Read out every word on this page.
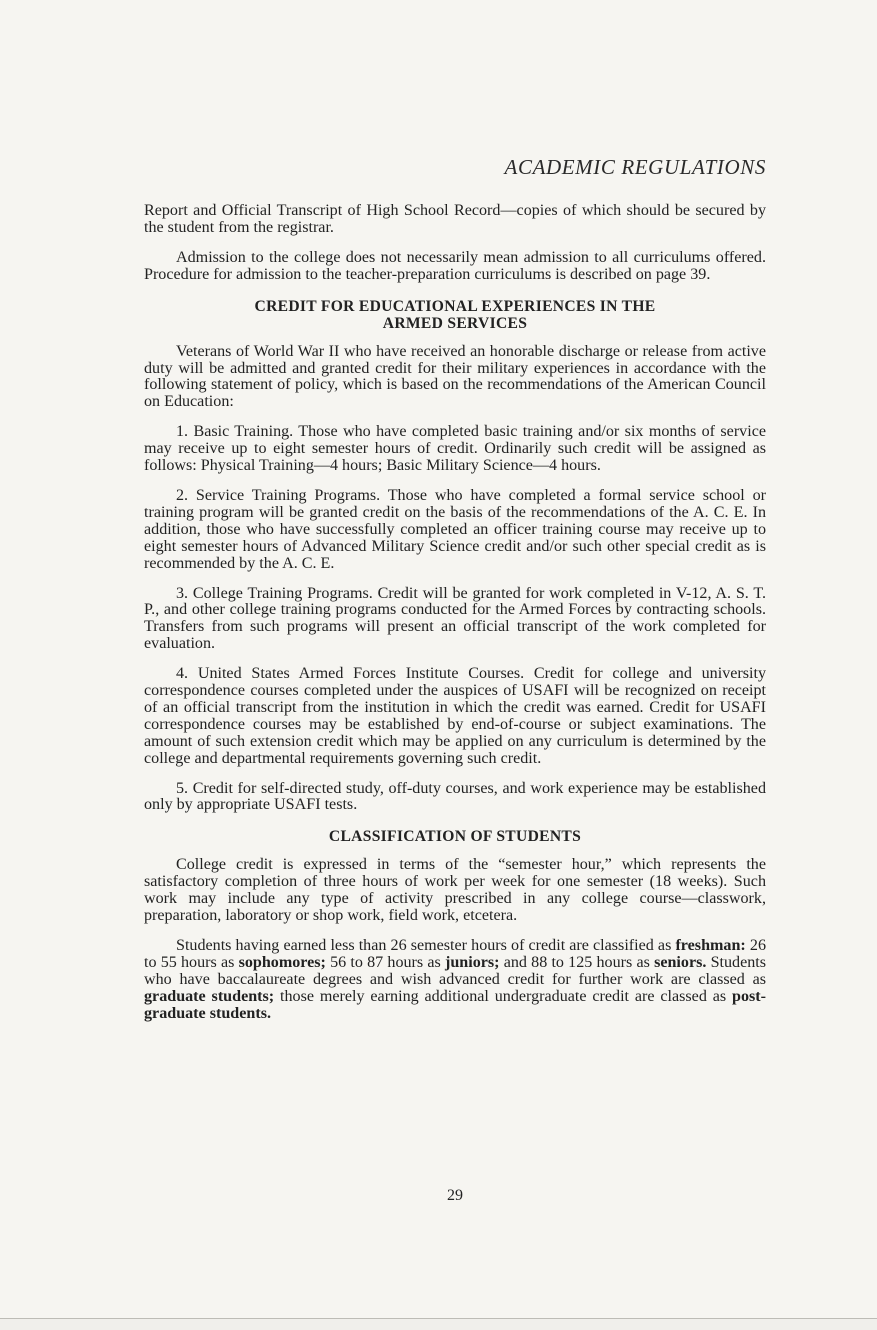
ACADEMIC REGULATIONS

Report and Official Transcript of High School Record—copies of which should be secured by the student from the registrar.

Admission to the college does not necessarily mean admission to all curriculums offered. Procedure for admission to the teacher-preparation curriculums is described on page 39.

CREDIT FOR EDUCATIONAL EXPERIENCES IN THE
ARMED SERVICES

Veterans of World War II who have received an honorable discharge or release from active duty will be admitted and granted credit for their military experiences in accordance with the following statement of policy, which is based on the recommendations of the American Council on Education:

1. Basic Training. Those who have completed basic training and/or six months of service may receive up to eight semester hours of credit. Ordinarily such credit will be assigned as follows: Physical Training—4 hours; Basic Military Science—4 hours.

2. Service Training Programs. Those who have completed a formal service school or training program will be granted credit on the basis of the recommendations of the A. C. E. In addition, those who have successfully completed an officer training course may receive up to eight semester hours of Advanced Military Science credit and/or such other special credit as is recommended by the A. C. E.

3. College Training Programs. Credit will be granted for work completed in V-12, A. S. T. P., and other college training programs conducted for the Armed Forces by contracting schools. Transfers from such programs will present an official transcript of the work completed for evaluation.

4. United States Armed Forces Institute Courses. Credit for college and university correspondence courses completed under the auspices of USAFI will be recognized on receipt of an official transcript from the institution in which the credit was earned. Credit for USAFI correspondence courses may be established by end-of-course or subject examinations. The amount of such extension credit which may be applied on any curriculum is determined by the college and departmental requirements governing such credit.

5. Credit for self-directed study, off-duty courses, and work experience may be established only by appropriate USAFI tests.

CLASSIFICATION OF STUDENTS

College credit is expressed in terms of the “semester hour,” which represents the satisfactory completion of three hours of work per week for one semester (18 weeks). Such work may include any type of activity prescribed in any college course—classwork, preparation, laboratory or shop work, field work, etcetera.

Students having earned less than 26 semester hours of credit are classified as freshman: 26 to 55 hours as sophomores; 56 to 87 hours as juniors; and 88 to 125 hours as seniors. Students who have baccalaureate degrees and wish advanced credit for further work are classed as graduate students; those merely earning additional undergraduate credit are classed as postgraduate students.

29
